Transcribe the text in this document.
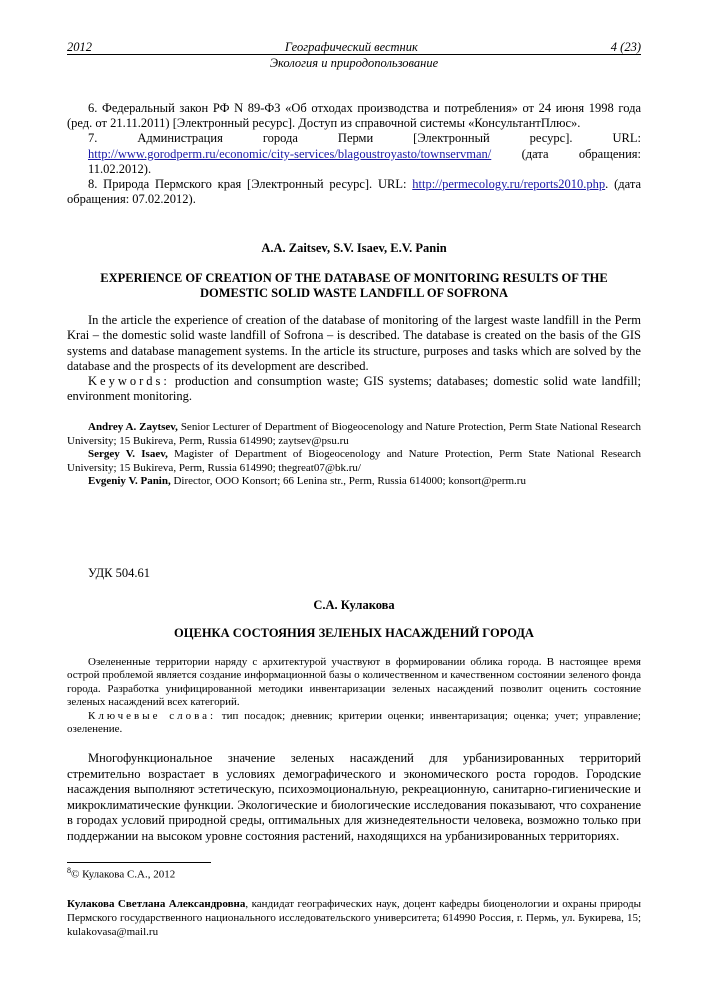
2012	Географический вестник	4 (23)
Экология и природопользование

6. Федеральный закон РФ N 89-ФЗ «Об отходах производства и потребления» от 24 июня 1998 года (ред. от 21.11.2011) [Электронный ресурс]. Доступ из справочной системы «КонсультантПлюс».

7.	Администрация	города	Перми	[Электронный	ресурс].	URL:
http://www.gorodperm.ru/economic/city-services/blagoustroyasto/townservman/ (дата обращения:
11.02.2012).

8. Природа Пермского края [Электронный ресурс]. URL: http://permecology.ru/reports2010.php. (дата обращения: 07.02.2012).

A.A. Zaitsev, S.V. Isaev, E.V. Panin
EXPERIENCE OF CREATION OF THE DATABASE OF MONITORING RESULTS OF THE DOMESTIC SOLID WASTE LANDFILL OF SOFRONA

In the article the experience of creation of the database of monitoring of the largest waste landfill in the Perm Krai – the domestic solid waste landfill of Sofrona – is described. The database is created on the basis of the GIS systems and database management systems. In the article its structure, purposes and tasks which are solved by the database and the prospects of its development are described.

Keywords: production and consumption waste; GIS systems; databases; domestic solid wate landfill; environment monitoring.

Andrey A. Zaytsev, Senior Lecturer of Department of Biogeocenology and Nature Protection, Perm State National Research University; 15 Bukireva, Perm, Russia 614990; zaytsev@psu.ru

Sergey V. Isaev, Magister of Department of Biogeocenology and Nature Protection, Perm State National Research University; 15 Bukireva, Perm, Russia 614990; thegreat07@bk.ru/

Evgeniy V. Panin, Director, OOO Konsort; 66 Lenina str., Perm, Russia 614000; konsort@perm.ru

УДК 504.61
С.А. Кулакова
ОЦЕНКА СОСТОЯНИЯ ЗЕЛЕНЫХ НАСАЖДЕНИЙ ГОРОДА

Озелененные территории наряду с архитектурой участвуют в формировании облика города. В настоящее время острой проблемой является создание информационной базы о количественном и качественном состоянии зеленого фонда города. Разработка унифицированной методики инвентаризации зеленых насаждений позволит оценить состояние зеленых насаждений всех категорий.

Ключевые слова: тип посадок; дневник; критерии оценки; инвентаризация; оценка; учет; управление; озеленение.

Многофункциональное значение зеленых насаждений для урбанизированных территорий стремительно возрастает в условиях демографического и экономического роста городов. Городские насаждения выполняют эстетическую, психоэмоциональную, рекреационную, санитарно-гигиенические и микроклиматические функции. Экологические и биологические исследования показывают, что сохранение в городах условий природной среды, оптимальных для жизнедеятельности человека, возможно только при поддержании на высоком уровне состояния растений, находящихся на урбанизированных территориях.

$^8$© Кулакова С.А., 2012
Кулакова Светлана Александровна, кандидат географических наук, доцент кафедры биоценологии и охраны природы Пермского государственного национального исследовательского университета; 614990 Россия, г. Пермь, ул. Букирева, 15; kulakovasa@mail.ru
